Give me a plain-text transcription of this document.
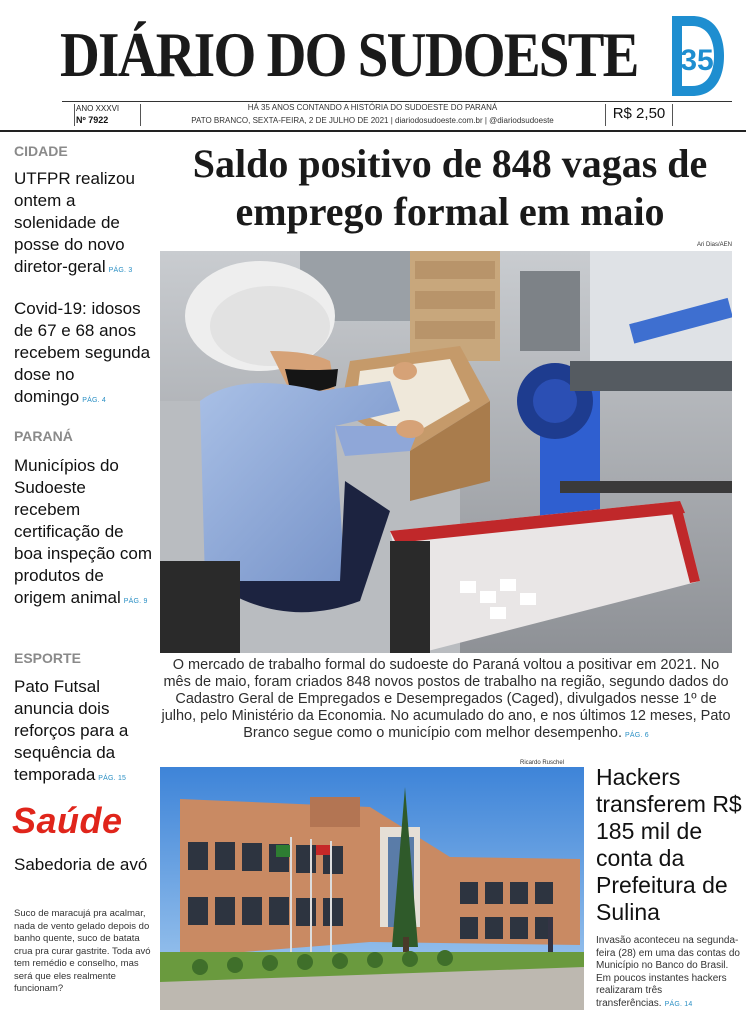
DIÁRIO DO SUDOESTE 35
ANO XXXVI
Nº 7922
HÁ 35 ANOS CONTANDO A HISTÓRIA DO SUDOESTE DO PARANÁ
PATO BRANCO, SEXTA-FEIRA, 2 DE JULHO DE 2021 | diariodosudoeste.com.br | @diariodsudoeste	R$ 2,50
CIDADE
UTFPR realizou ontem a solenidade de posse do novo diretor-geral PÁG. 3
Covid-19: idosos de 67 e 68 anos recebem segunda dose no domingo PÁG. 4
PARANÁ
Municípios do Sudoeste recebem certificação de boa inspeção com produtos de origem animal PÁG. 9
ESPORTE
Pato Futsal anuncia dois reforços para a sequência da temporada PÁG. 15
Saúde
Sabedoria de avó
Suco de maracujá pra acalmar, nada de vento gelado depois do banho quente, suco de batata crua pra curar gastrite. Toda avó tem remédio e conselho, mas será que eles realmente funcionam?
Saldo positivo de 848 vagas de emprego formal em maio
Ari Dias/AEN
O mercado de trabalho formal do sudoeste do Paraná voltou a positivar em 2021. No mês de maio, foram criados 848 novos postos de trabalho na região, segundo dados do Cadastro Geral de Empregados e Desempregados (Caged), divulgados nesse 1º de julho, pelo Ministério da Economia. No acumulado do ano, e nos últimos 12 meses, Pato Branco segue como o município com melhor desempenho. PÁG. 6
Ricardo Ruschel
Hackers transferem R$ 185 mil de conta da Prefeitura de Sulina
Invasão aconteceu na segunda-feira (28) em uma das contas do Município no Banco do Brasil. Em poucos instantes hackers realizaram três transferências. PÁG. 14
